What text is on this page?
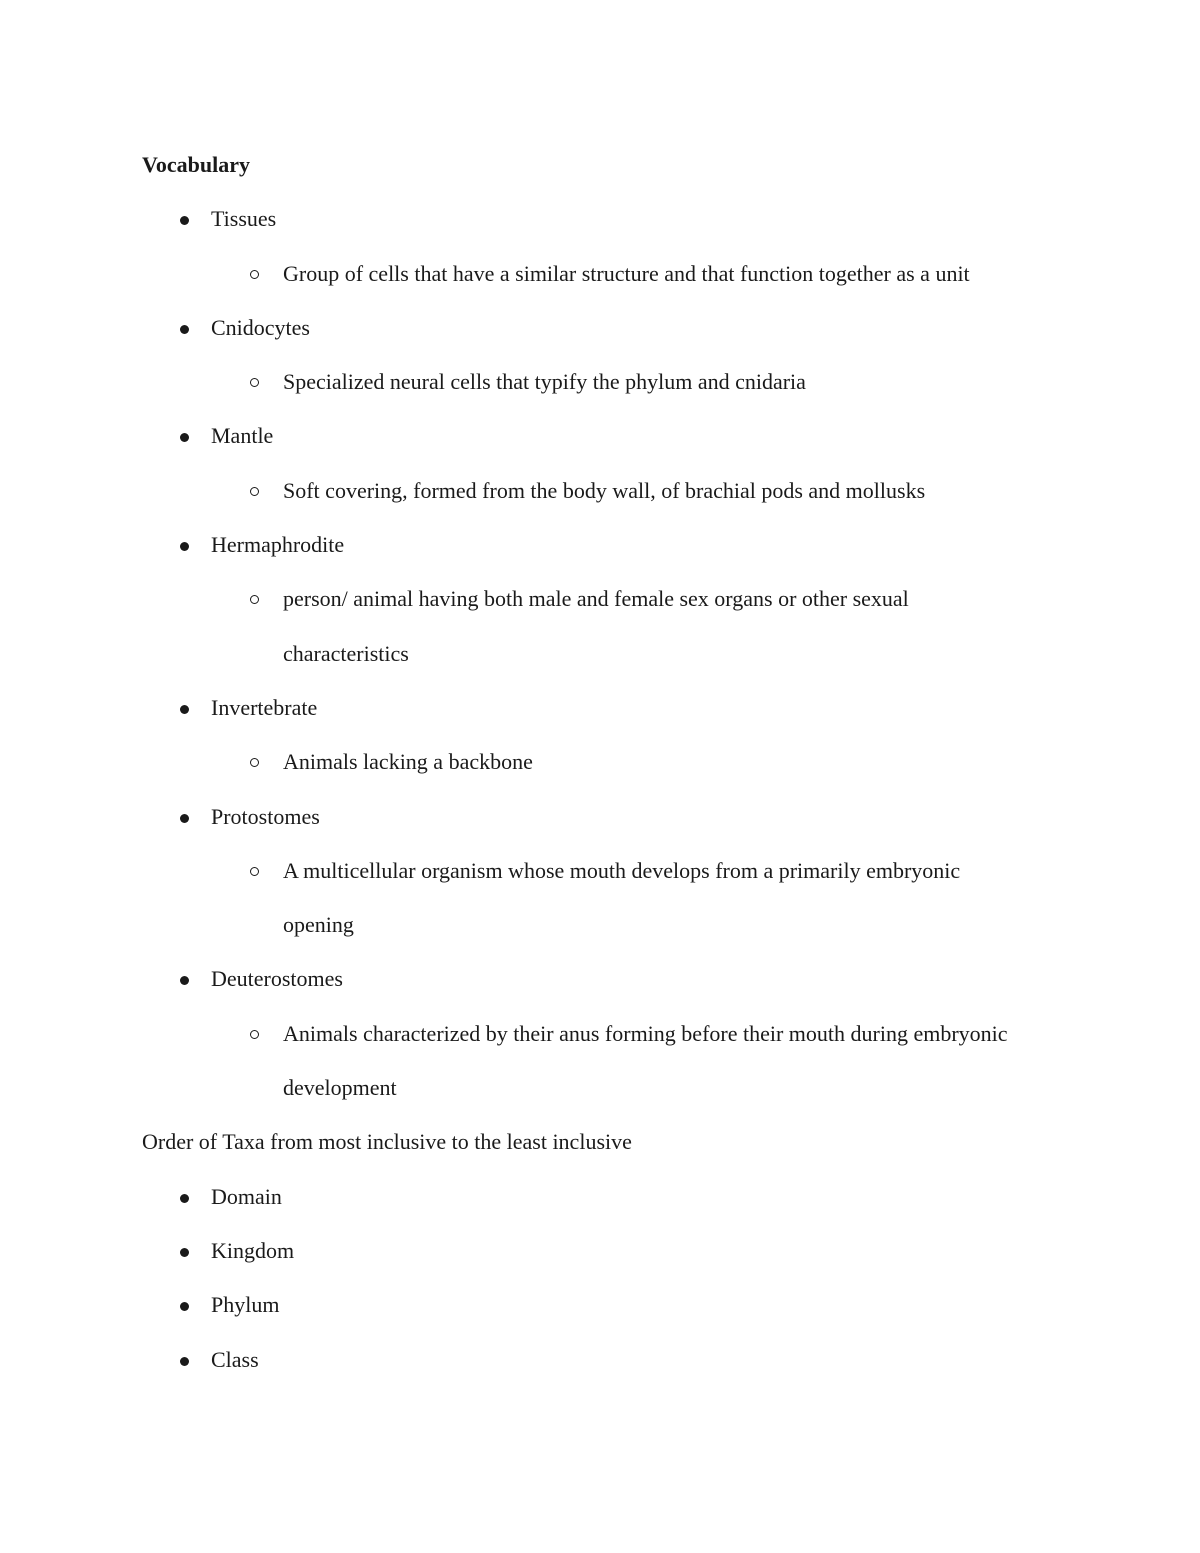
Vocabulary
Tissues
Group of cells that have a similar structure and that function together as a unit
Cnidocytes
Specialized neural cells that typify the phylum and cnidaria
Mantle
Soft covering, formed from the body wall, of brachial pods and mollusks
Hermaphrodite
person/ animal having both male and female sex organs or other sexual
characteristics
Invertebrate
Animals lacking a backbone
Protostomes
A multicellular organism whose mouth develops from a primarily embryonic
opening
Deuterostomes
Animals characterized by their anus forming before their mouth during embryonic
development
Order of Taxa from most inclusive to the least inclusive
Domain
Kingdom
Phylum
Class
